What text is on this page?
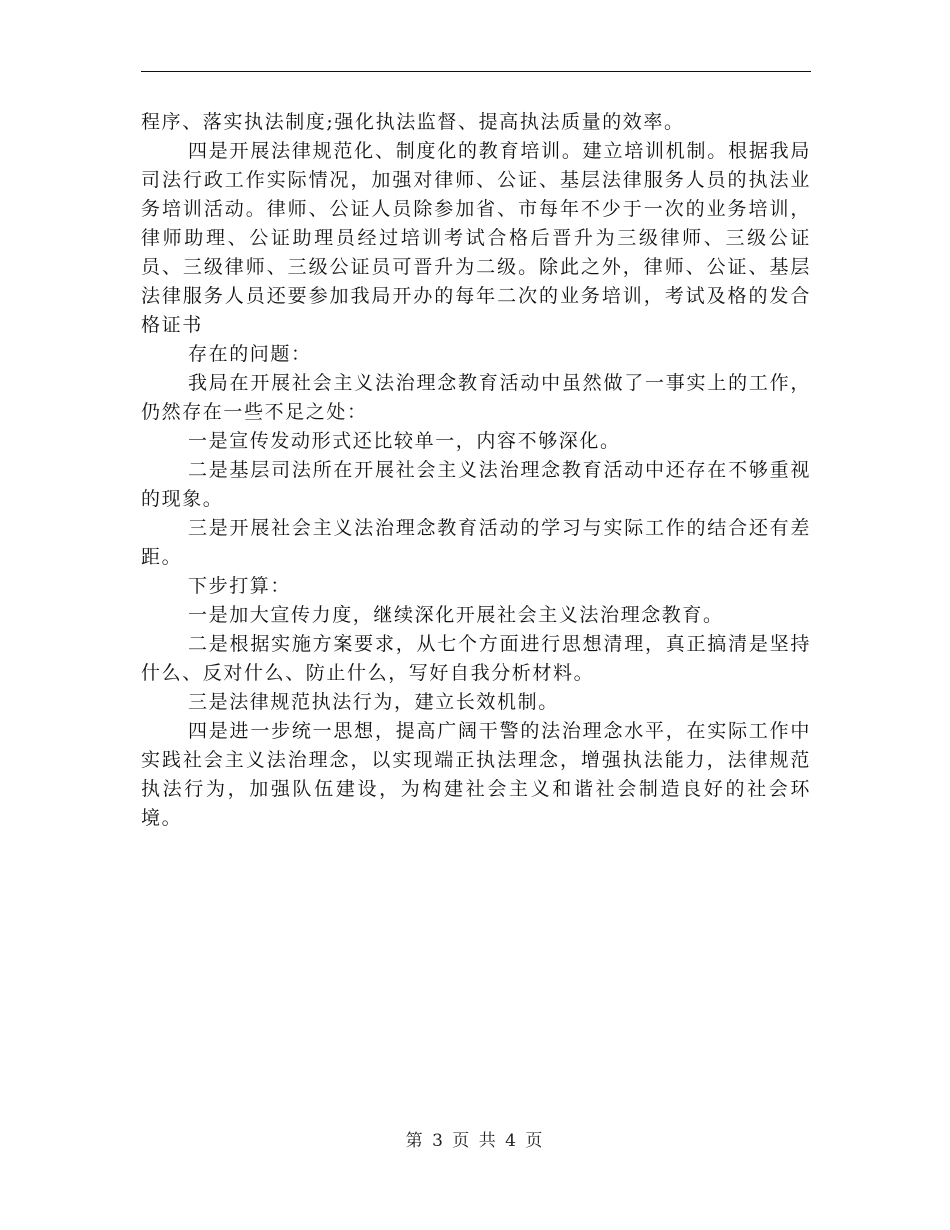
程序、落实执法制度;强化执法监督、提高执法质量的效率。

四是开展法律规范化、制度化的教育培训。建立培训机制。根据我局司法行政工作实际情况，加强对律师、公证、基层法律服务人员的执法业务培训活动。律师、公证人员除参加省、市每年不少于一次的业务培训，律师助理、公证助理员经过培训考试合格后晋升为三级律师、三级公证员、三级律师、三级公证员可晋升为二级。除此之外，律师、公证、基层法律服务人员还要参加我局开办的每年二次的业务培训，考试及格的发合格证书

存在的问题：

我局在开展社会主义法治理念教育活动中虽然做了一事实上的工作，仍然存在一些不足之处：

一是宣传发动形式还比较单一，内容不够深化。

二是基层司法所在开展社会主义法治理念教育活动中还存在不够重视的现象。

三是开展社会主义法治理念教育活动的学习与实际工作的结合还有差距。

下步打算：

一是加大宣传力度，继续深化开展社会主义法治理念教育。

二是根据实施方案要求，从七个方面进行思想清理，真正搞清是坚持什么、反对什么、防止什么，写好自我分析材料。

三是法律规范执法行为，建立长效机制。

四是进一步统一思想，提高广阔干警的法治理念水平，在实际工作中实践社会主义法治理念，以实现端正执法理念，增强执法能力，法律规范执法行为，加强队伍建设，为构建社会主义和谐社会制造良好的社会环境。

第 3 页 共 4 页
